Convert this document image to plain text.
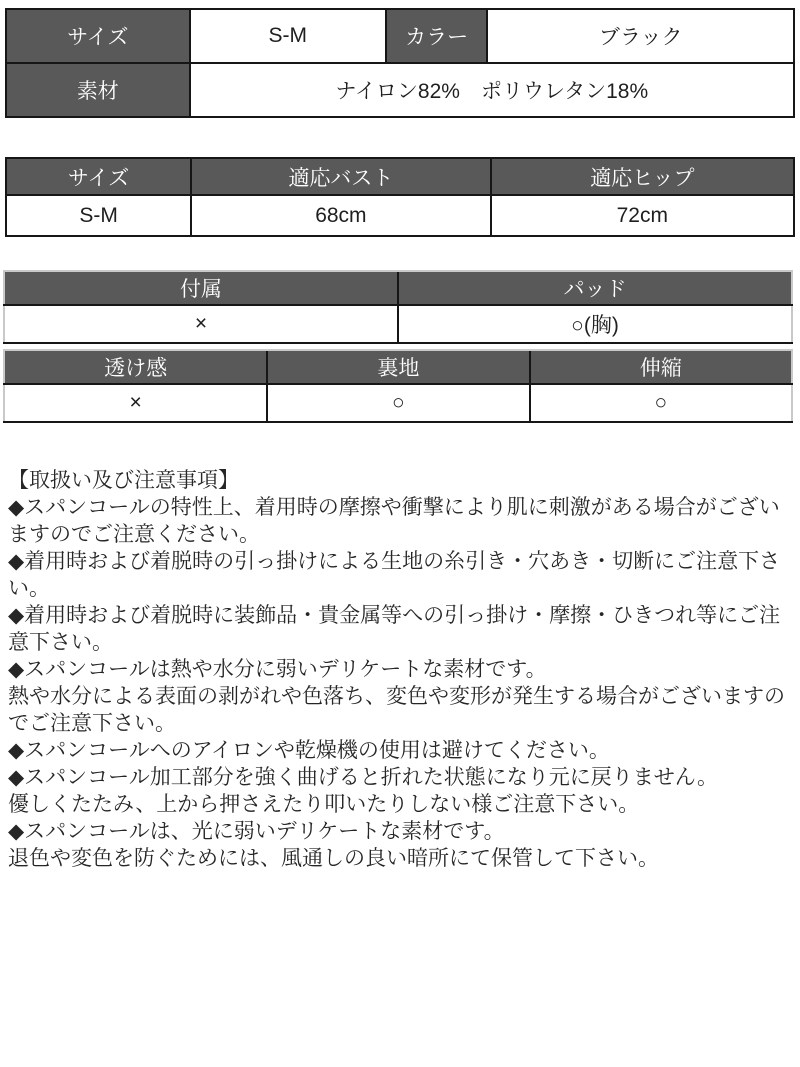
サイズ	S-M	カラー	ブラック
素材	ナイロン82%　ポリウレタン18%		
サイズ	適応バスト	適応ヒップ
S-M	68cm	72cm
付属	パッド
×	○(胸)
透け感	裏地	伸縮
×	○	○

【取扱い及び注意事項】

◆スパンコールの特性上、着用時の摩擦や衝撃により肌に刺激がある場合がございますのでご注意ください。

◆着用時および着脱時の引っ掛けによる生地の糸引き・穴あき・切断にご注意下さい。

◆着用時および着脱時に装飾品・貴金属等への引っ掛け・摩擦・ひきつれ等にご注意下さい。

◆スパンコールは熱や水分に弱いデリケートな素材です。

熱や水分による表面の剥がれや色落ち、変色や変形が発生する場合がございますのでご注意下さい。

◆スパンコールへのアイロンや乾燥機の使用は避けてください。

◆スパンコール加工部分を強く曲げると折れた状態になり元に戻りません。

優しくたたみ、上から押さえたり叩いたりしない様ご注意下さい。

◆スパンコールは、光に弱いデリケートな素材です。

退色や変色を防ぐためには、風通しの良い暗所にて保管して下さい。
